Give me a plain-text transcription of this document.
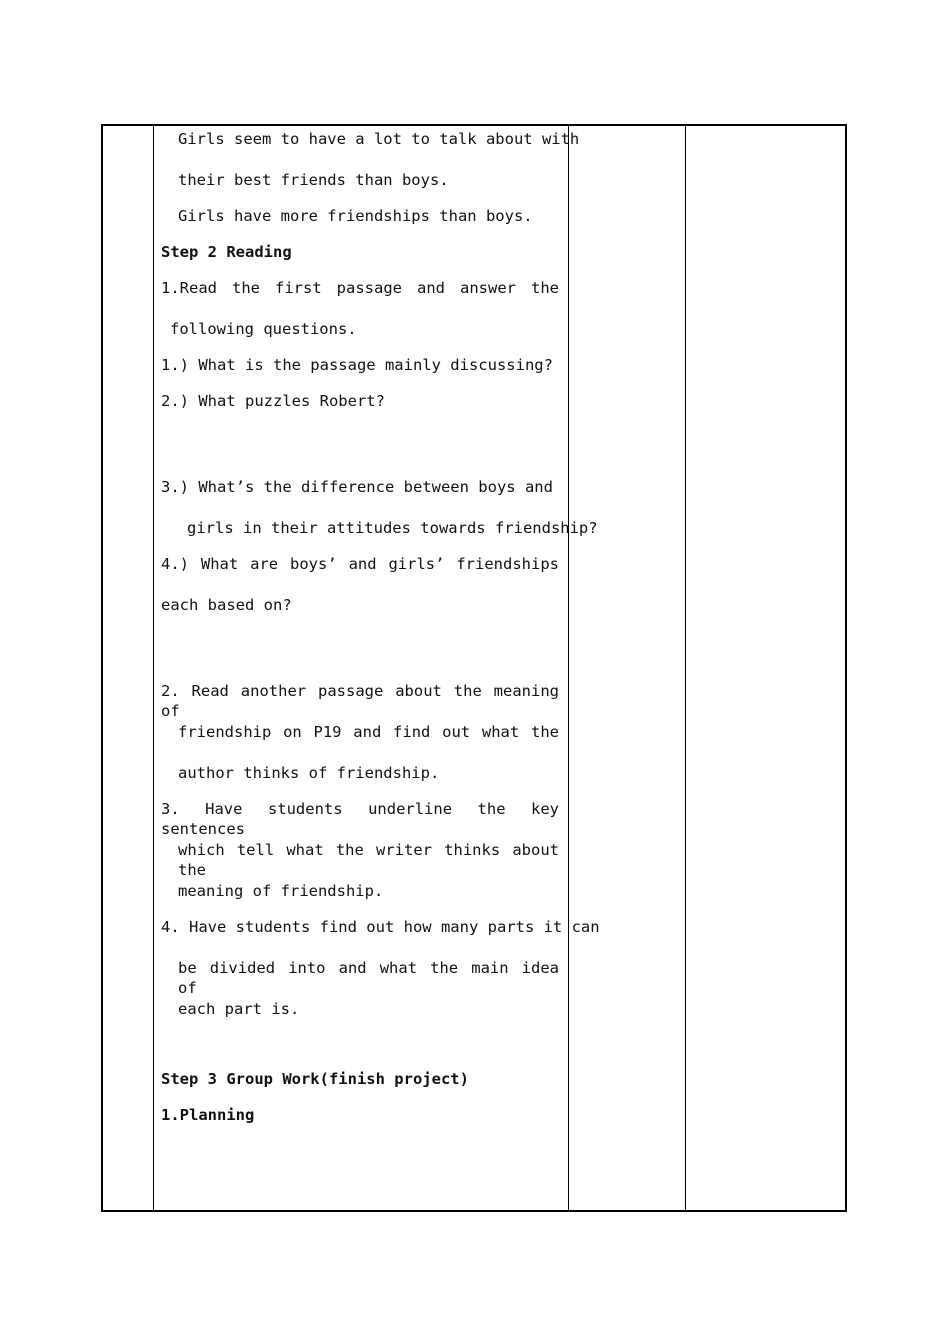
Girls seem to have a lot to talk about with
their best friends than boys.
Girls have more friendships than boys.
Step 2 Reading
1.Read the first passage and answer the
following questions.
1.) What is the passage mainly discussing?
2.) What puzzles Robert?
3.) What’s the difference between boys and
girls in their attitudes towards friendship?
4.) What are boys’ and girls’ friendships
each based on?
2. Read another passage about the meaning of
friendship on P19 and find out what the
author thinks of friendship.
3. Have students underline the key sentences
which tell what the writer thinks about the
meaning of friendship.
4. Have students find out how many parts it can
be divided into and what the main idea of
each part is.
Step 3 Group Work(finish project)
1.Planning
